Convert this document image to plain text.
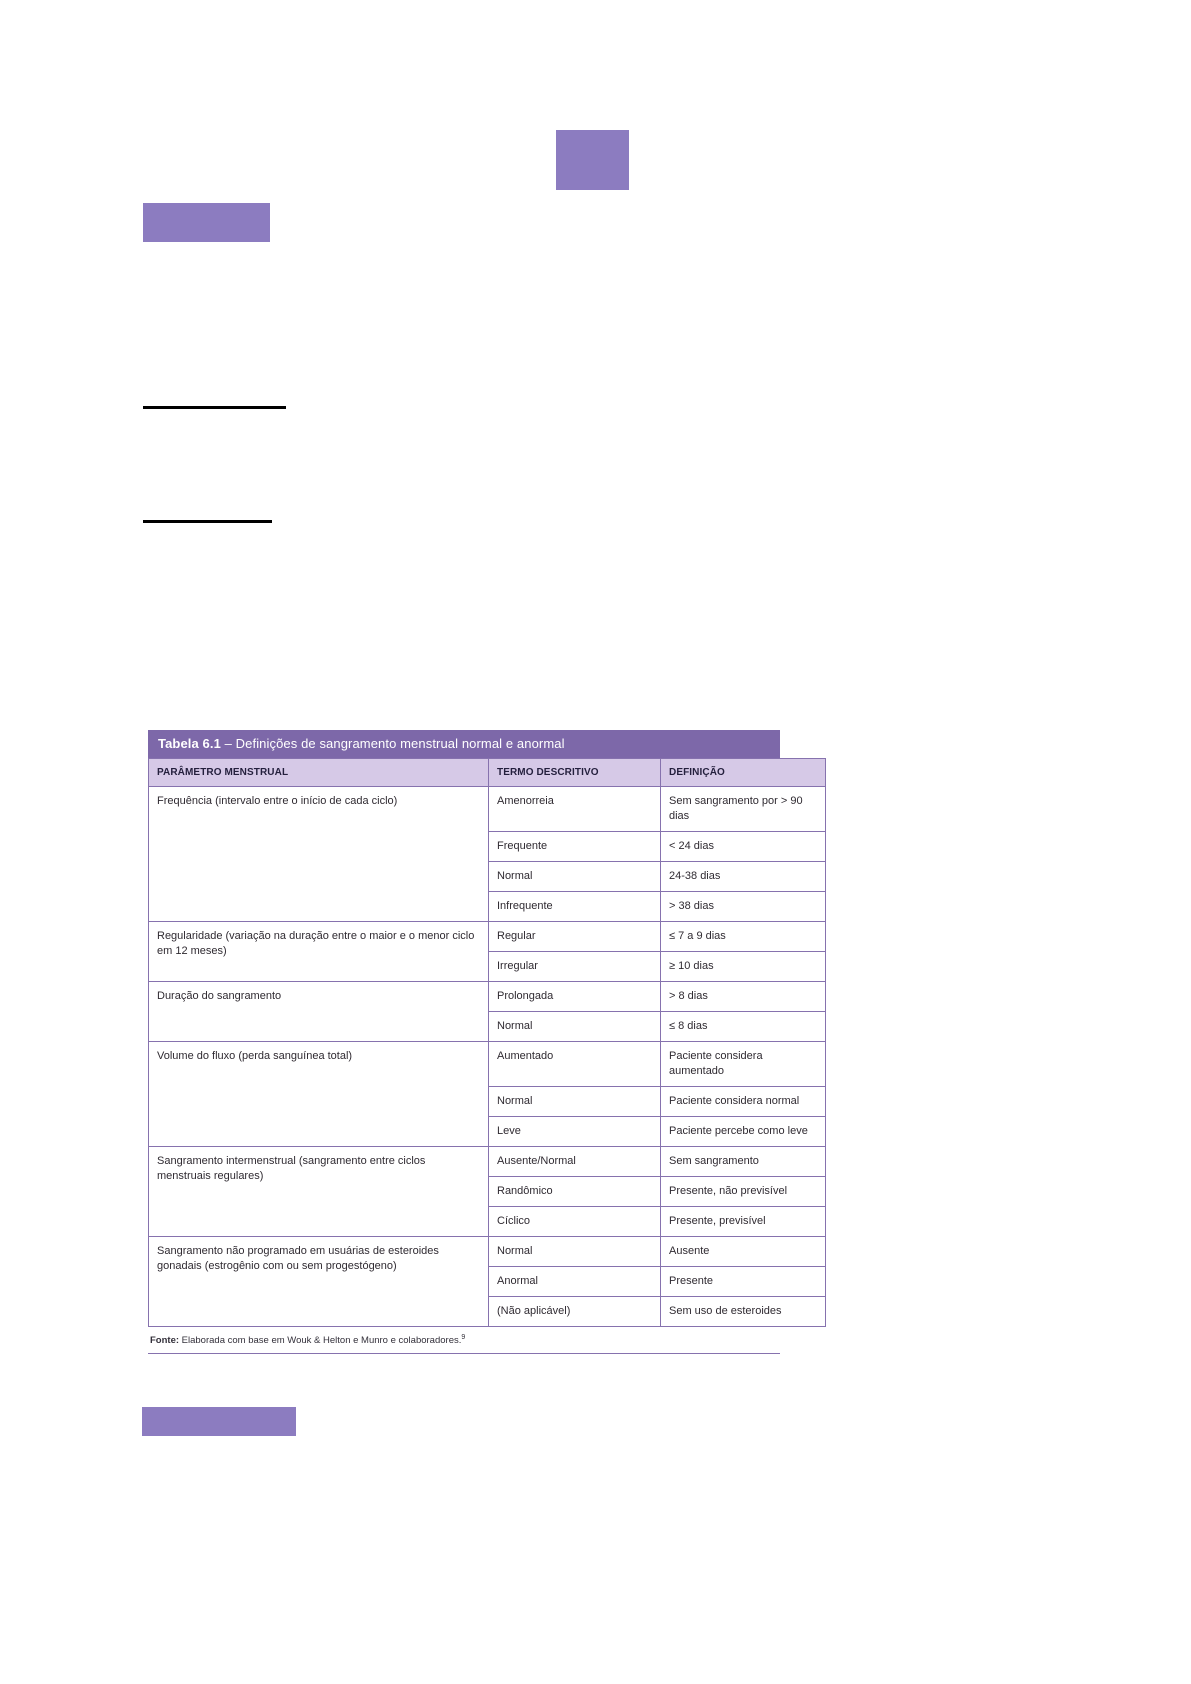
Tabela 6.1 – Definições de sangramento menstrual normal e anormal
PARÂMETRO MENSTRUAL	TERMO DESCRITIVO	DEFINIÇÃO
Frequência (intervalo entre o início de cada ciclo)	Amenorreia	Sem sangramento por > 90 dias
	Frequente	< 24 dias
	Normal	24-38 dias
	Infrequente	> 38 dias
Regularidade (variação na duração entre o maior e o menor ciclo em 12 meses)	Regular	≤ 7 a 9 dias
	Irregular	≥ 10 dias
Duração do sangramento	Prolongada	> 8 dias
	Normal	≤ 8 dias
Volume do fluxo (perda sanguínea total)	Aumentado	Paciente considera aumentado
	Normal	Paciente considera normal
	Leve	Paciente percebe como leve
Sangramento intermenstrual (sangramento entre ciclos menstruais regulares)	Ausente/Normal	Sem sangramento
	Randômico	Presente, não previsível
	Cíclico	Presente, previsível
Sangramento não programado em usuárias de esteroides gonadais (estrogênio com ou sem progestógeno)	Normal	Ausente
	Anormal	Presente
	(Não aplicável)	Sem uso de esteroides
Fonte: Elaborada com base em Wouk & Helton e Munro e colaboradores.$^9$
